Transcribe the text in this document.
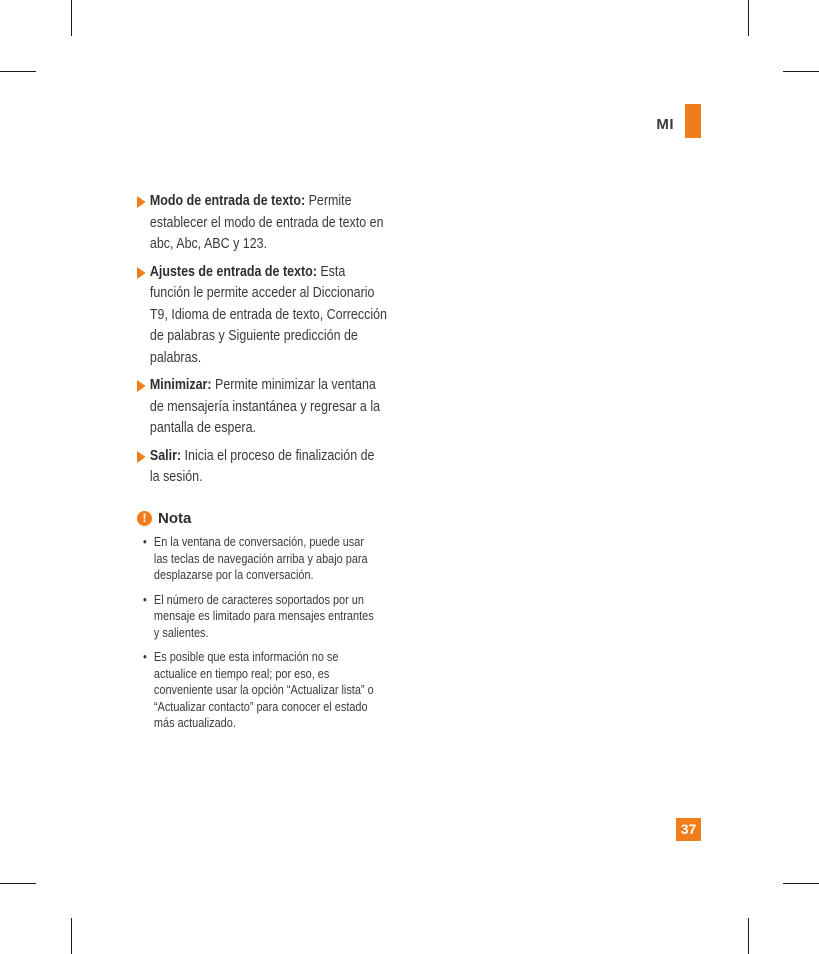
MI
Modo de entrada de texto: Permite
establecer el modo de entrada de texto en
abc, Abc, ABC y 123.
Ajustes de entrada de texto: Esta
función le permite acceder al Diccionario
T9, Idioma de entrada de texto, Corrección
de palabras y Siguiente predicción de
palabras.
Minimizar: Permite minimizar la ventana
de mensajería instantánea y regresar a la
pantalla de espera.
Salir: Inicia el proceso de finalización de
la sesión.
! Nota
• En la ventana de conversación, puede usar
las teclas de navegación arriba y abajo para
desplazarse por la conversación.
• El número de caracteres soportados por un
mensaje es limitado para mensajes entrantes
y salientes.
• Es posible que esta información no se
actualice en tiempo real; por eso, es
conveniente usar la opción “Actualizar lista” o
“Actualizar contacto” para conocer el estado
más actualizado.
37
